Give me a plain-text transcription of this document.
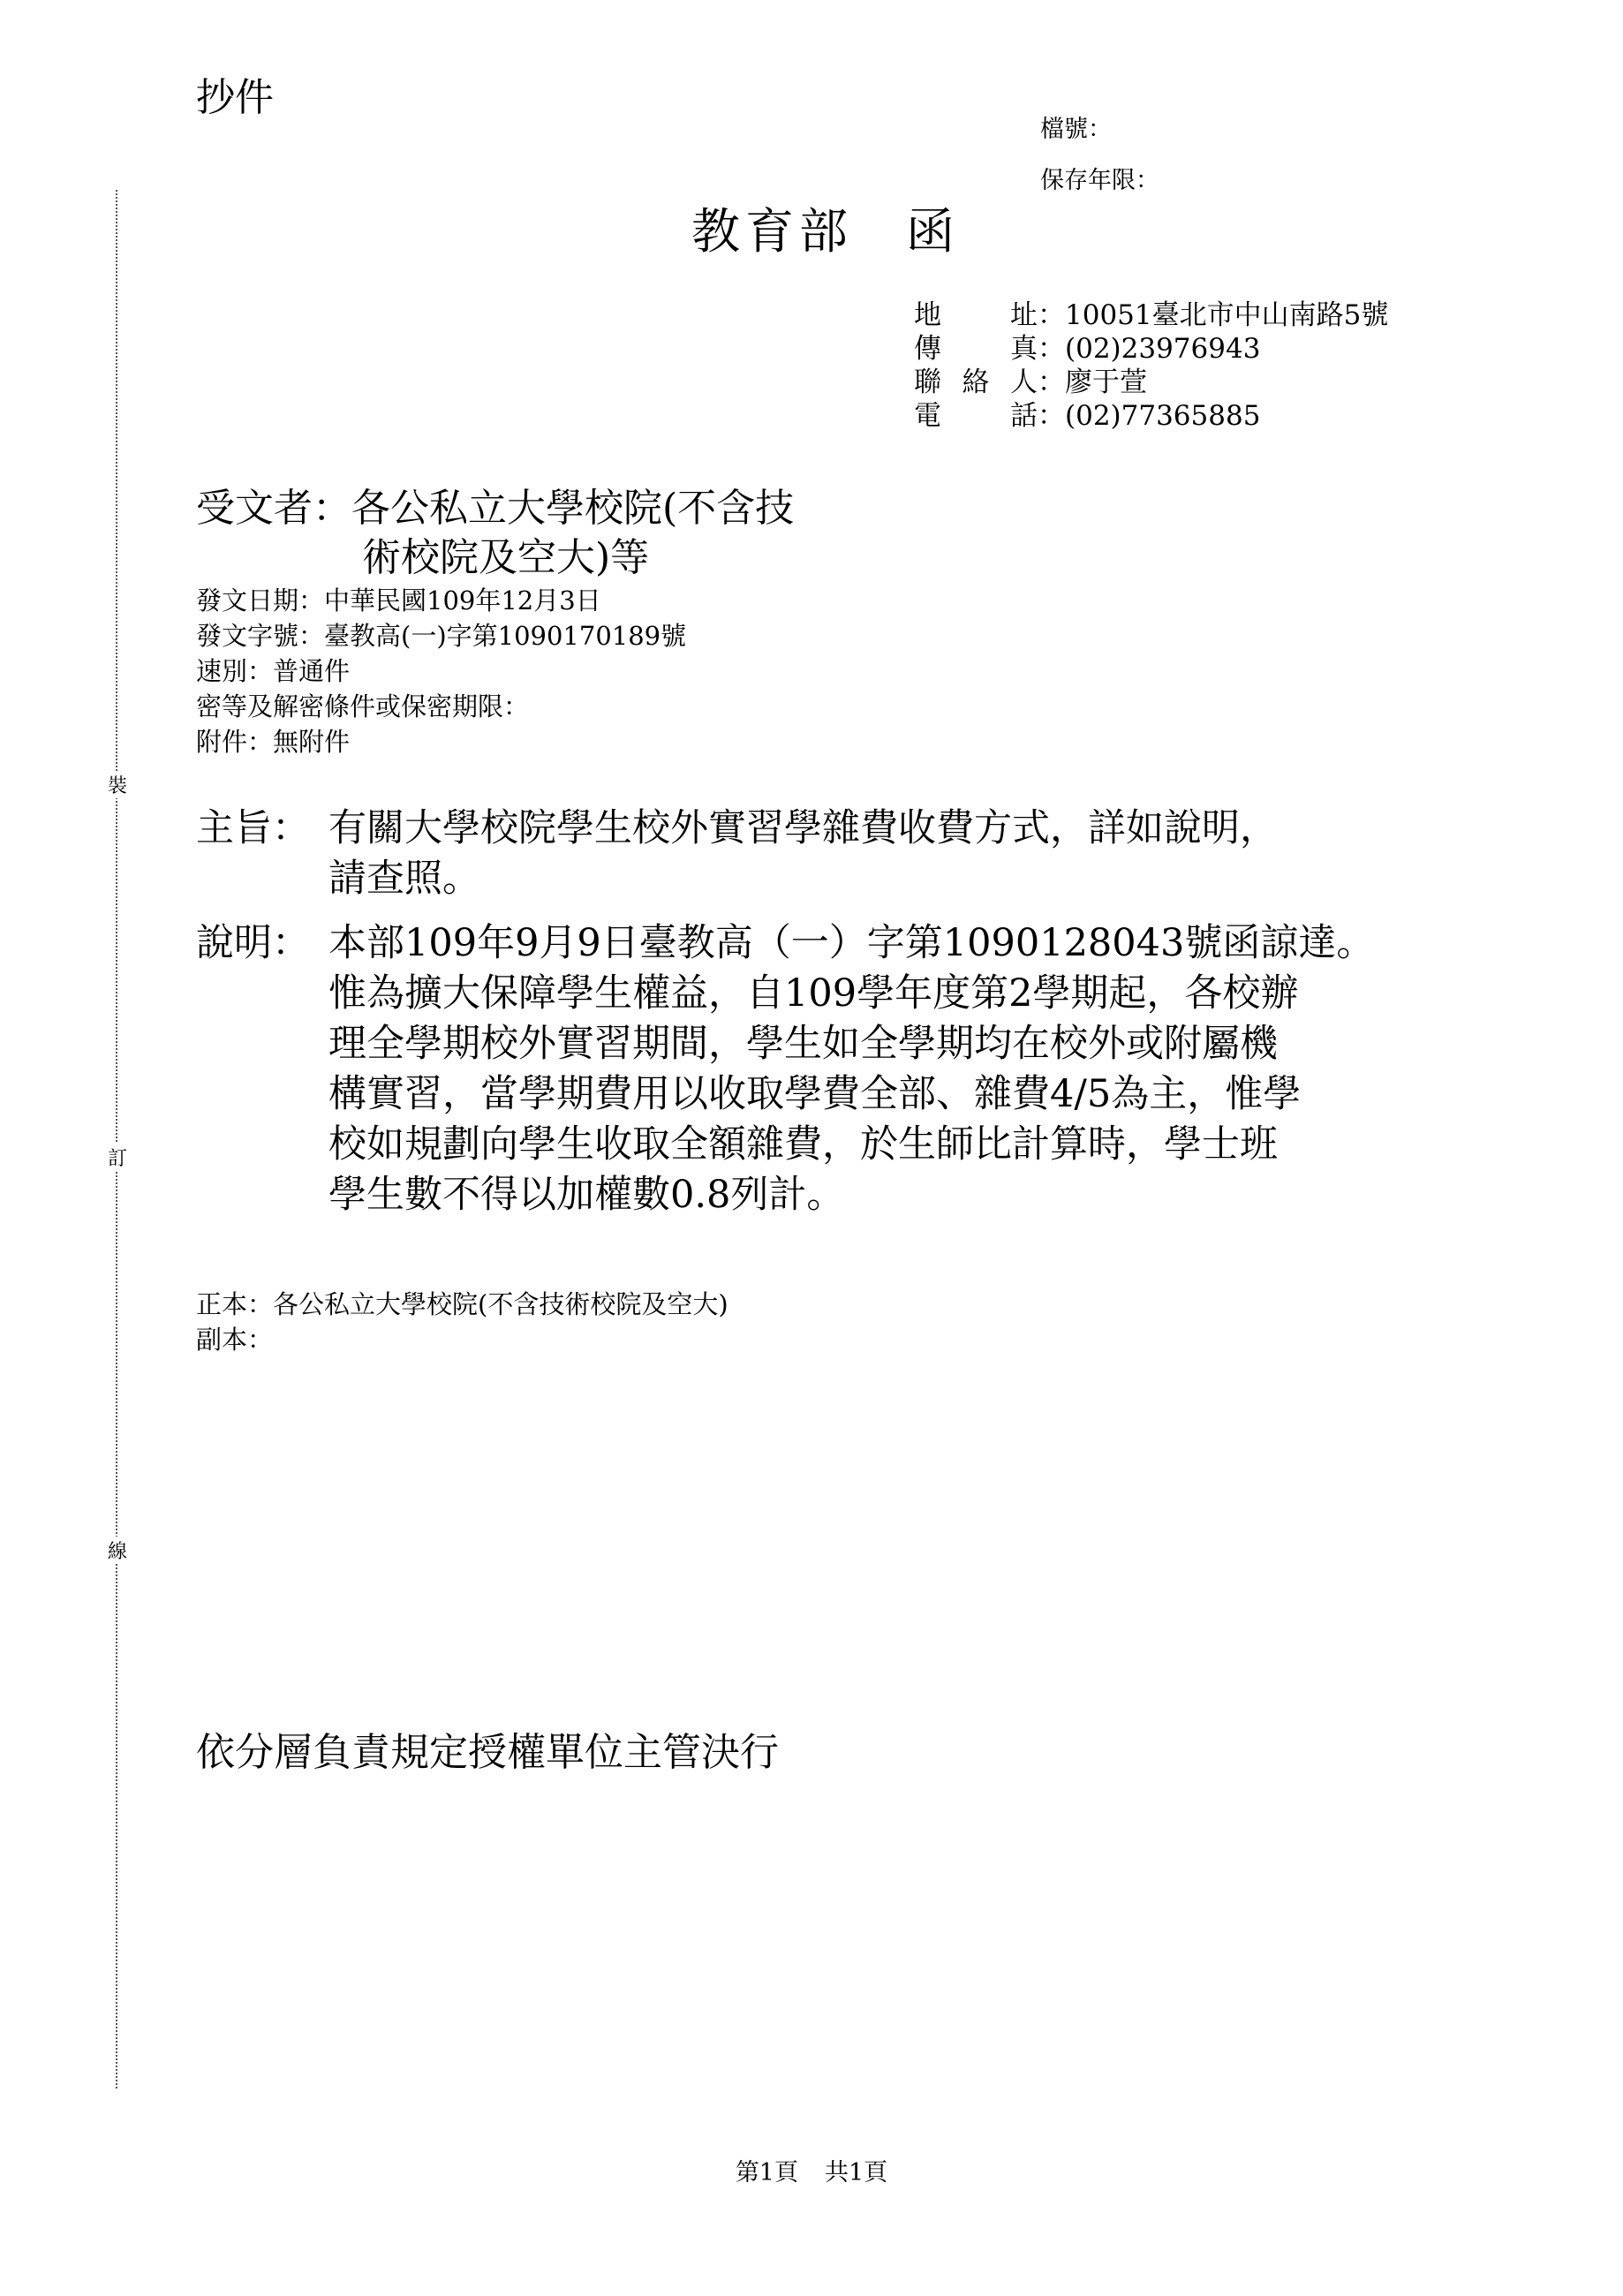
抄件
檔號：
保存年限：
教育部 函
地	址 ：10051臺北市中山南路5號
傳	真 ：(02)23976943
聯 絡 人 ：廖于萱
電	話 ：(02)77365885
受文者：各公私立大學校院(不含技
術校院及空大)等
發文日期：中華民國109年12月3日
發文字號：臺教高(一)字第1090170189號
速別：普通件
密等及解密條件或保密期限：
附件：無附件
主旨： 有關大學校院學生校外實習學雜費收費方式，詳如說明，
請查照。
說明： 本部109年9月9日臺教高（一）字第1090128043號函諒達。
惟為擴大保障學生權益，自109學年度第2學期起，各校辦
理全學期校外實習期間，學生如全學期均在校外或附屬機
構實習，當學期費用以收取學費全部、雜費4/5為主，惟學
校如規劃向學生收取全額雜費，於生師比計算時，學士班
學生數不得以加權數0.8列計。
正本：各公私立大學校院(不含技術校院及空大)
副本：
依分層負責規定授權單位主管決行
第1頁 共1頁
裝
訂
線
